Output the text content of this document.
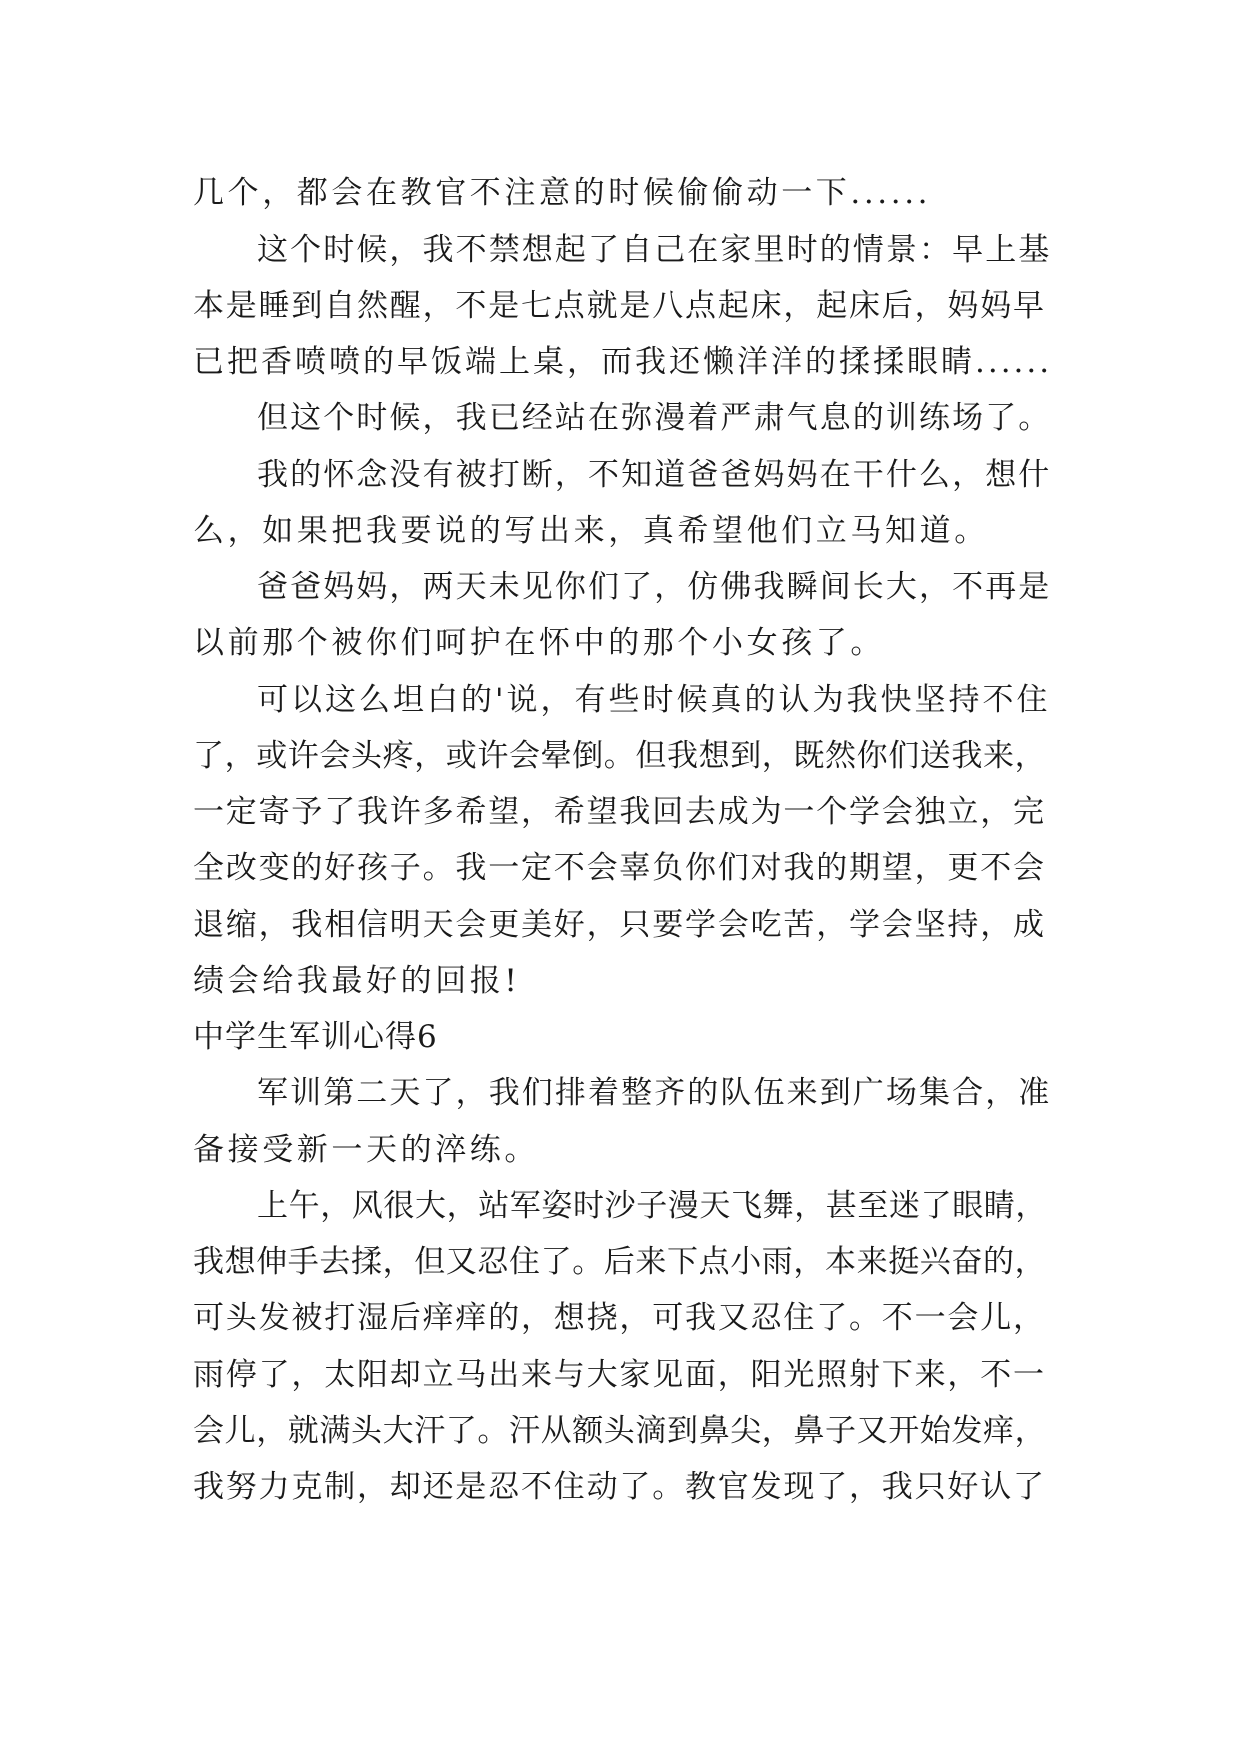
几个，都会在教官不注意的时候偷偷动一下......
这个时候，我不禁想起了自己在家里时的情景：早上基
本是睡到自然醒，不是七点就是八点起床，起床后，妈妈早
已把香喷喷的早饭端上桌，而我还懒洋洋的揉揉眼睛......
但这个时候，我已经站在弥漫着严肃气息的训练场了。
我的怀念没有被打断，不知道爸爸妈妈在干什么，想什
么，如果把我要说的写出来，真希望他们立马知道。
爸爸妈妈，两天未见你们了，仿佛我瞬间长大，不再是
以前那个被你们呵护在怀中的那个小女孩了。
可以这么坦白的'说，有些时候真的认为我快坚持不住
了，或许会头疼，或许会晕倒。但我想到，既然你们送我来，
一定寄予了我许多希望，希望我回去成为一个学会独立，完
全改变的好孩子。我一定不会辜负你们对我的期望，更不会
退缩，我相信明天会更美好，只要学会吃苦，学会坚持，成
绩会给我最好的回报!
中学生军训心得6
军训第二天了，我们排着整齐的队伍来到广场集合，准
备接受新一天的淬练。
上午，风很大，站军姿时沙子漫天飞舞，甚至迷了眼睛，
我想伸手去揉，但又忍住了。后来下点小雨，本来挺兴奋的，
可头发被打湿后痒痒的，想挠，可我又忍住了。不一会儿，
雨停了，太阳却立马出来与大家见面，阳光照射下来，不一
会儿，就满头大汗了。汗从额头滴到鼻尖，鼻子又开始发痒，
我努力克制，却还是忍不住动了。教官发现了，我只好认了
